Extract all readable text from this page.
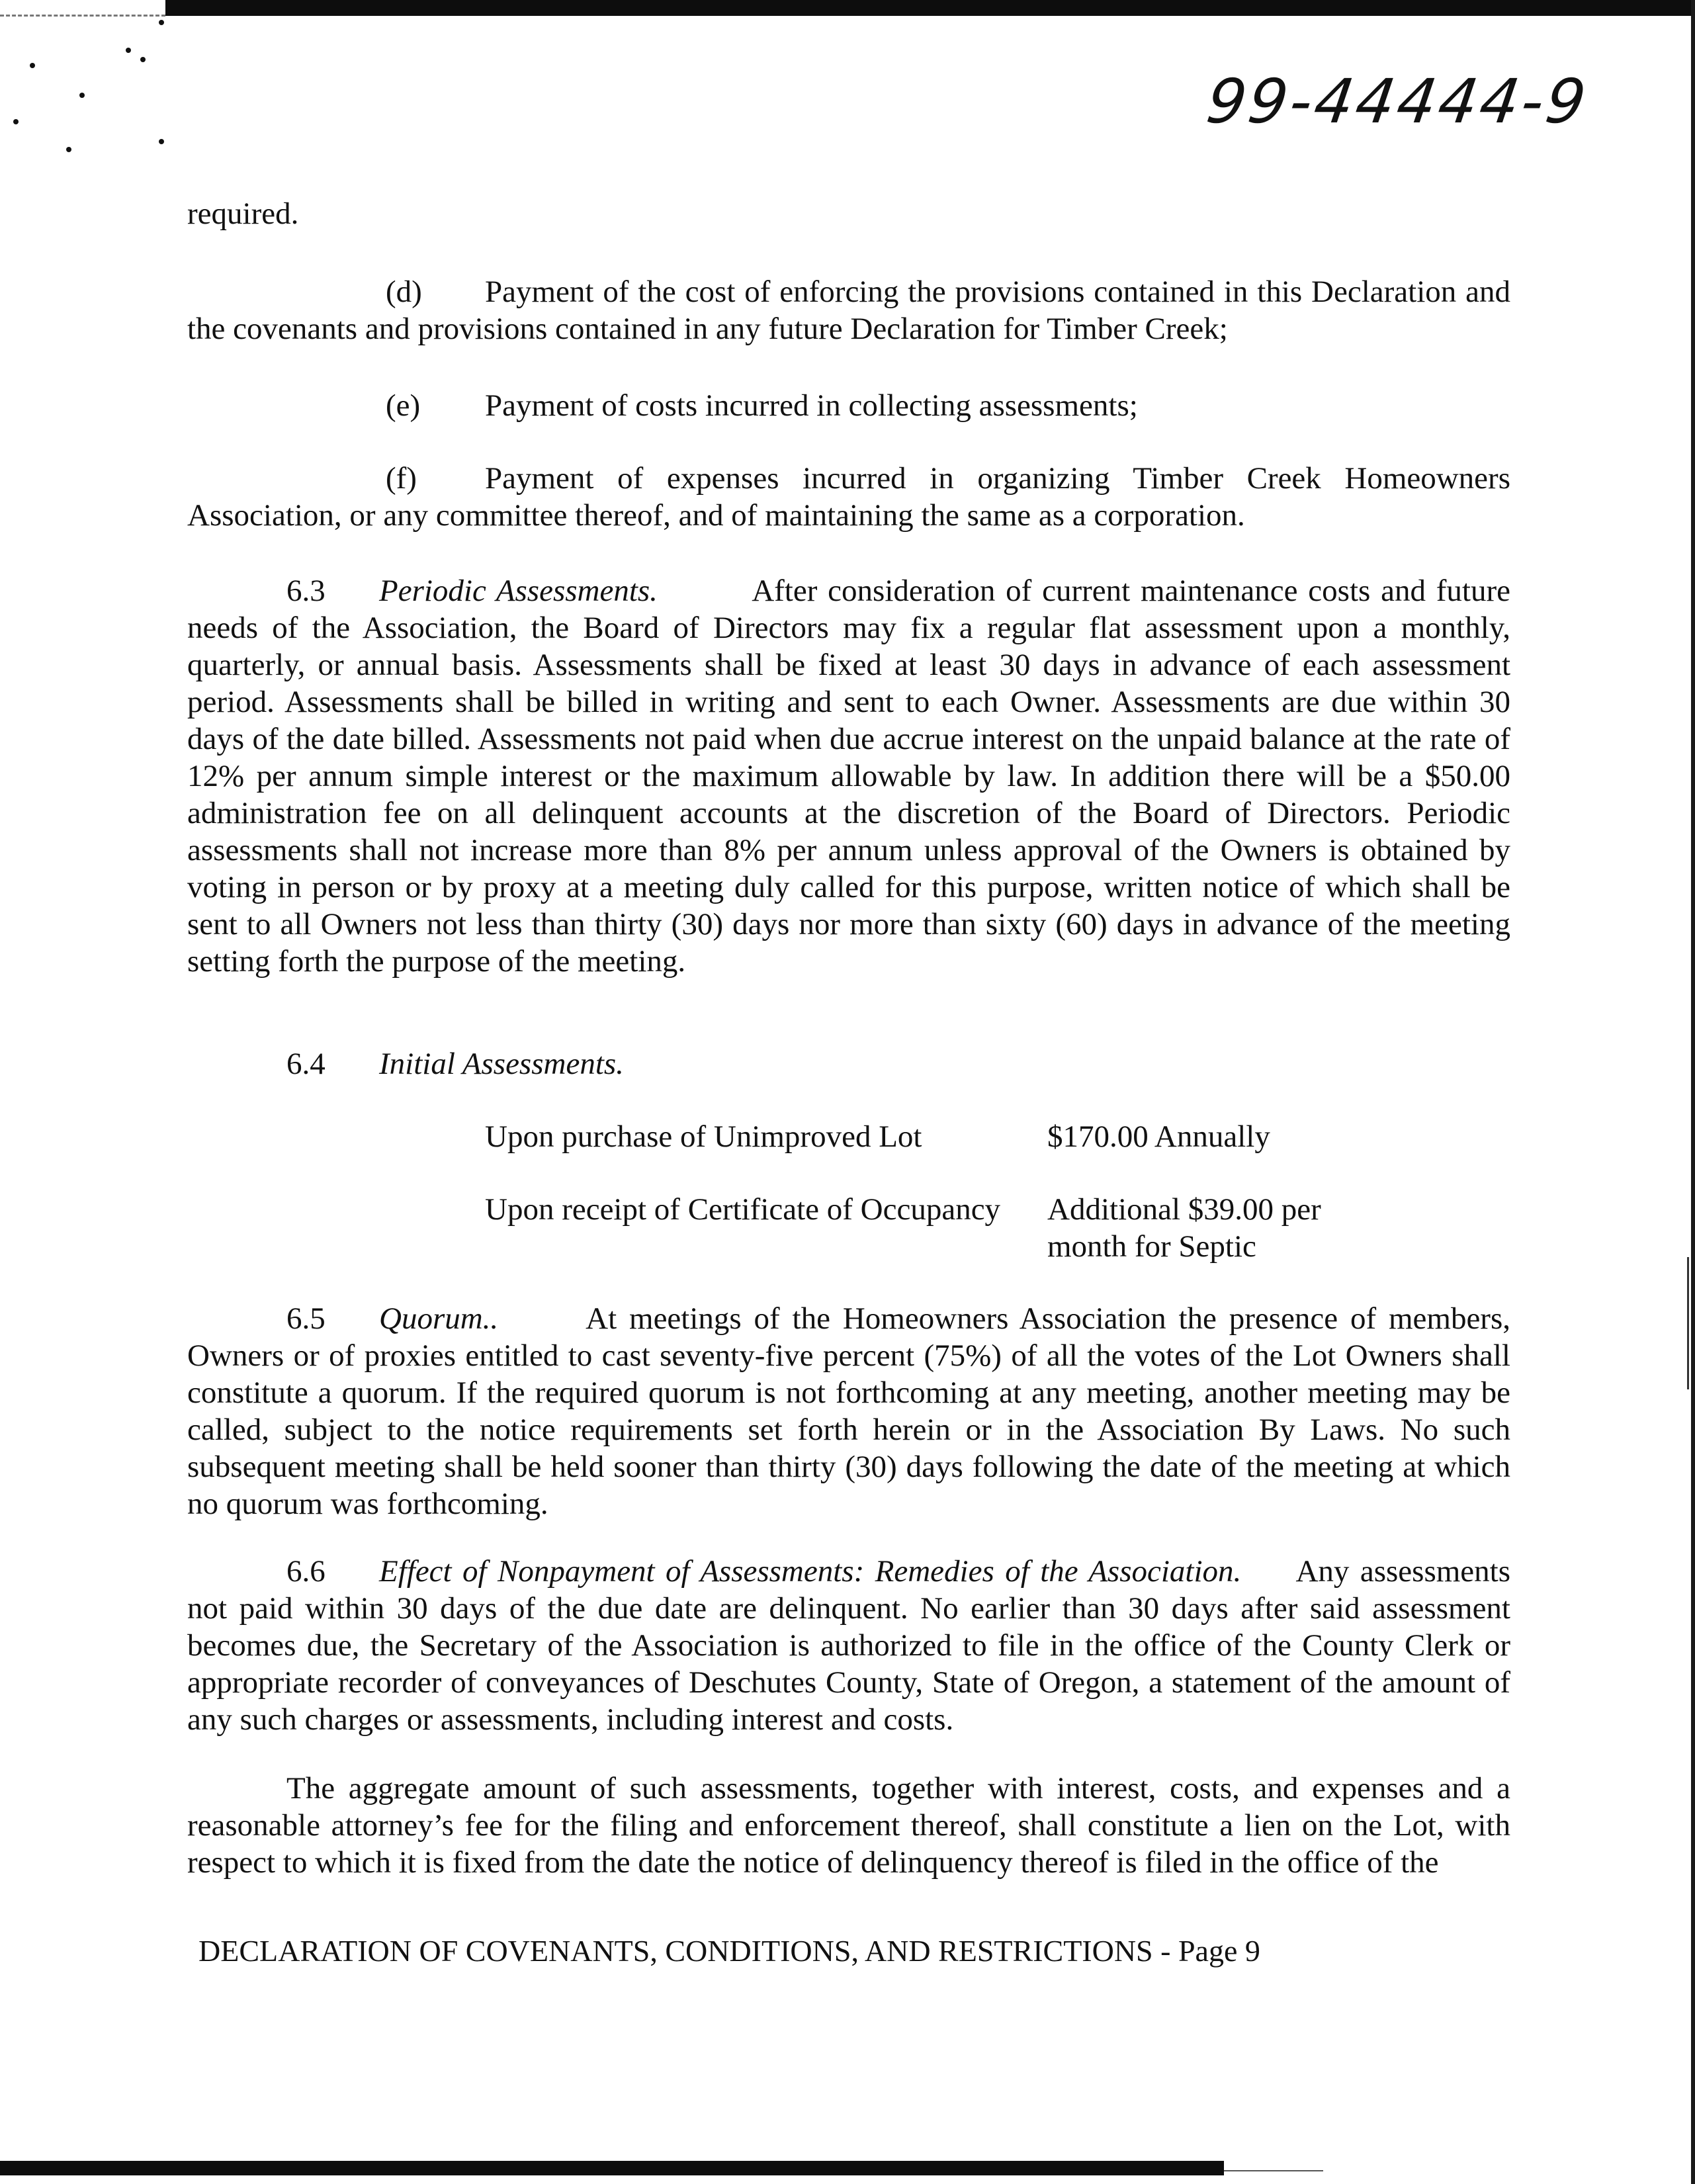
99-44444-9

required.

(d) Payment of the cost of enforcing the provisions contained in this Declaration and the covenants and provisions contained in any future Declaration for Timber Creek;

(e) Payment of costs incurred in collecting assessments;

(f) Payment of expenses incurred in organizing Timber Creek Homeowners Association, or any committee thereof, and of maintaining the same as a corporation.

6.3 Periodic Assessments.	After consideration of current maintenance costs and future needs of the Association, the Board of Directors may fix a regular flat assessment upon a monthly, quarterly, or annual basis. Assessments shall be fixed at least 30 days in advance of each assessment period. Assessments shall be billed in writing and sent to each Owner. Assessments are due within 30 days of the date billed. Assessments not paid when due accrue interest on the unpaid balance at the rate of 12% per annum simple interest or the maximum allowable by law. In addition there will be a $50.00 administration fee on all delinquent accounts at the discretion of the Board of Directors. Periodic assessments shall not increase more than 8% per annum unless approval of the Owners is obtained by voting in person or by proxy at a meeting duly called for this purpose, written notice of which shall be sent to all Owners not less than thirty (30) days nor more than sixty (60) days in advance of the meeting setting forth the purpose of the meeting.

6.4 Initial Assessments.

Upon purchase of Unimproved Lot	$170.00 Annually
Upon receipt of Certificate of Occupancy	Additional $39.00 per month for Septic

6.5 Quorum..	At meetings of the Homeowners Association the presence of members, Owners or of proxies entitled to cast seventy-five percent (75%) of all the votes of the Lot Owners shall constitute a quorum. If the required quorum is not forthcoming at any meeting, another meeting may be called, subject to the notice requirements set forth herein or in the Association By Laws. No such subsequent meeting shall be held sooner than thirty (30) days following the date of the meeting at which no quorum was forthcoming.

6.6 Effect of Nonpayment of Assessments: Remedies of the Association. Any assessments not paid within 30 days of the due date are delinquent. No earlier than 30 days after said assessment becomes due, the Secretary of the Association is authorized to file in the office of the County Clerk or appropriate recorder of conveyances of Deschutes County, State of Oregon, a statement of the amount of any such charges or assessments, including interest and costs.

The aggregate amount of such assessments, together with interest, costs, and expenses and a reasonable attorney’s fee for the filing and enforcement thereof, shall constitute a lien on the Lot, with respect to which it is fixed from the date the notice of delinquency thereof is filed in the office of the

DECLARATION OF COVENANTS, CONDITIONS, AND RESTRICTIONS - Page 9
